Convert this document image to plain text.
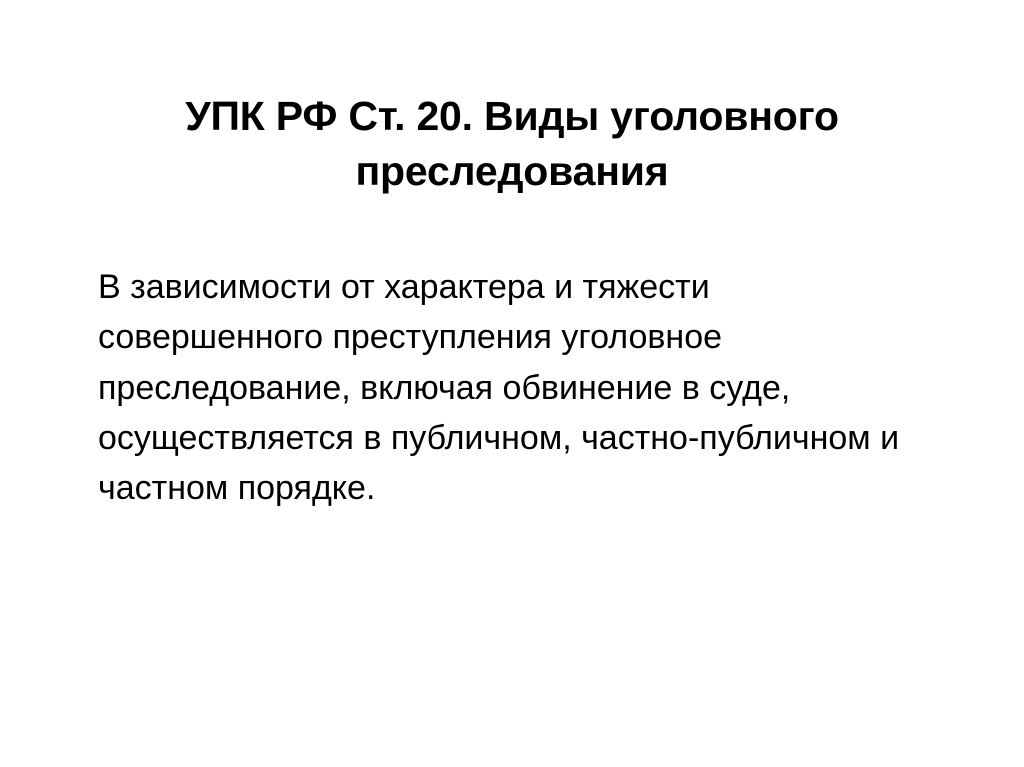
УПК РФ Ст. 20. Виды уголовного преследования

В зависимости от характера и тяжести совершенного преступления уголовное преследование, включая обвинение в суде, осуществляется в публичном, частно-публичном и частном порядке.
